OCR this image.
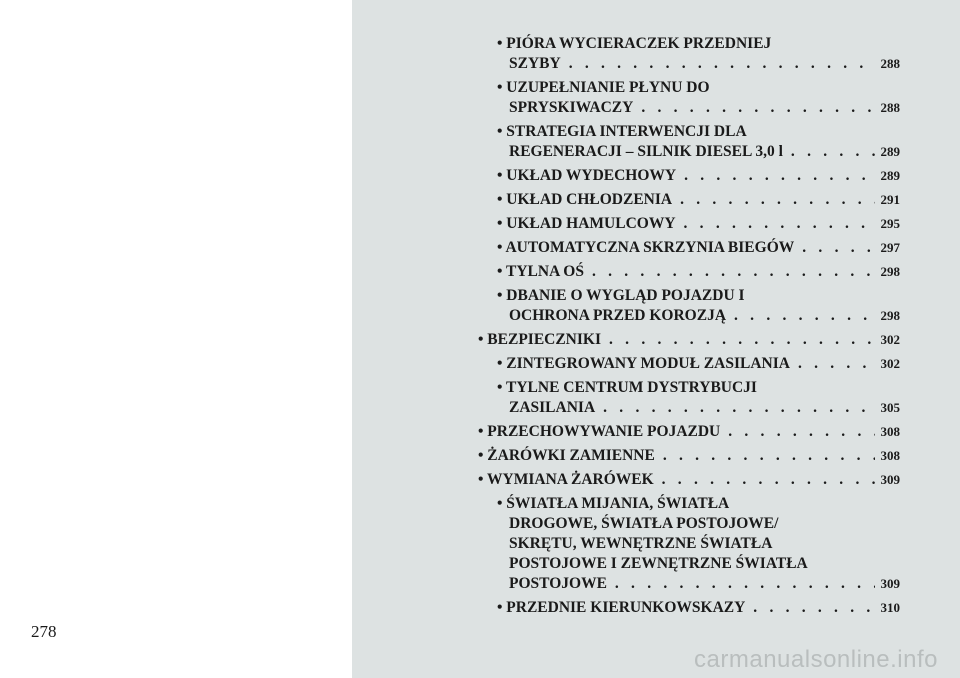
278
• PIÓRA WYCIERACZEK PRZEDNIEJ
SZYBY . . .	288
• UZUPEŁNIANIE PŁYNU DO
SPRYSKIWACZY . . .	288
• STRATEGIA INTERWENCJI DLA
REGENERACJI – SILNIK DIESEL 3,0 l . . .	289
• UKŁAD WYDECHOWY . . .	289
• UKŁAD CHŁODZENIA . . .	291
• UKŁAD HAMULCOWY . . .	295
• AUTOMATYCZNA SKRZYNIA BIEGÓW . . .	297
• TYLNA OŚ . . .	298
• DBANIE O WYGLĄD POJAZDU I
OCHRONA PRZED KOROZJĄ . . .	298
• BEZPIECZNIKI . . .	302
• ZINTEGROWANY MODUŁ ZASILANIA . . .	302
• TYLNE CENTRUM DYSTRYBUCJI
ZASILANIA . . .	305
• PRZECHOWYWANIE POJAZDU . . .	308
• ŻARÓWKI ZAMIENNE . . .	308
• WYMIANA ŻARÓWEK . . .	309
• ŚWIATŁA MIJANIA, ŚWIATŁA
DROGOWE, ŚWIATŁA POSTOJOWE/
SKRĘTU, WEWNĘTRZNE ŚWIATŁA
POSTOJOWE I ZEWNĘTRZNE ŚWIATŁA
POSTOJOWE . . .	309
• PRZEDNIE KIERUNKOWSKAZY . . .	310
carmanualsonline.info
